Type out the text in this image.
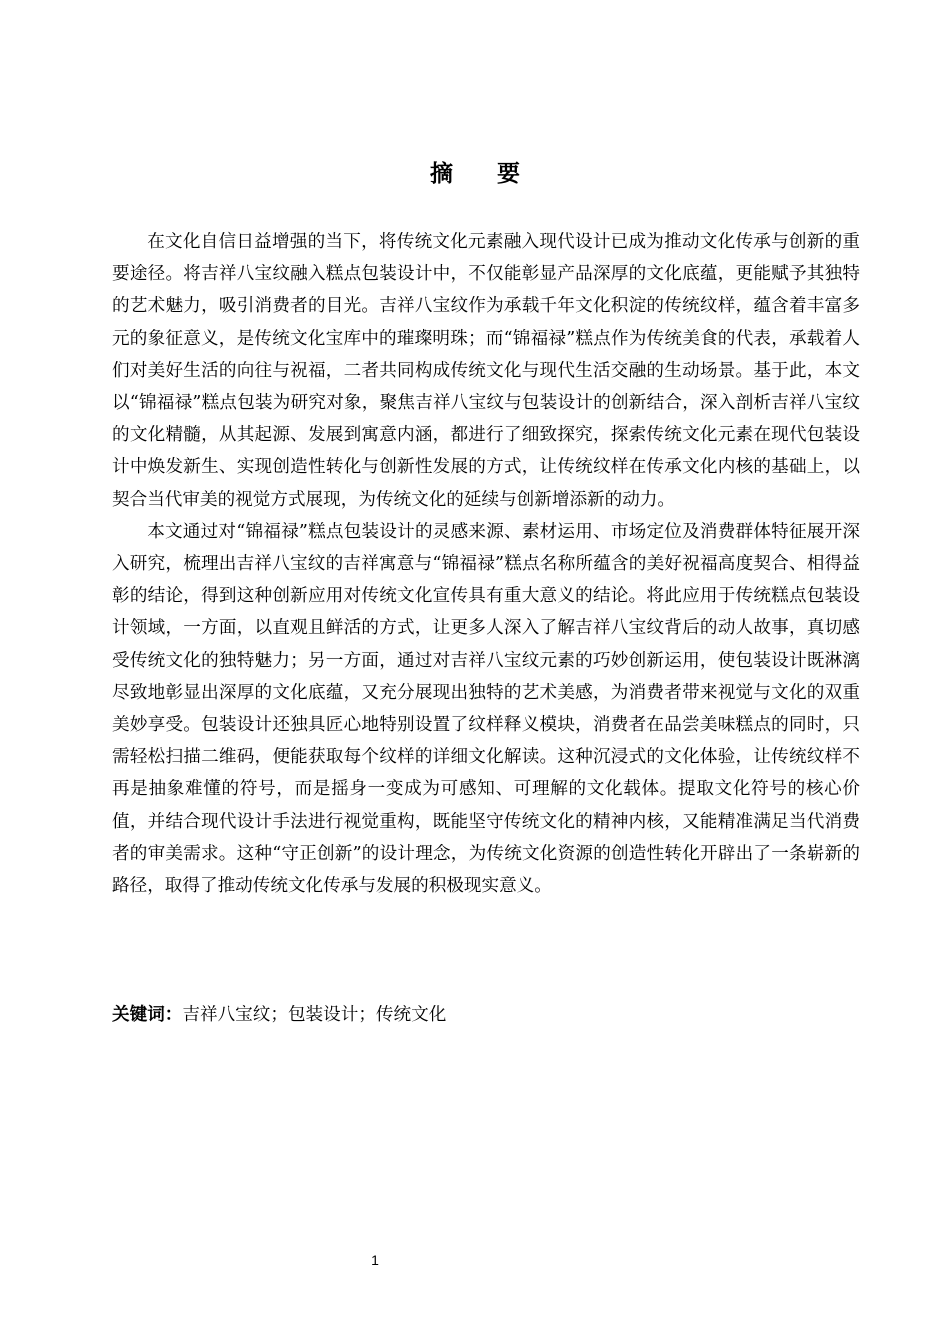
摘要

在文化自信日益增强的当下，将传统文化元素融入现代设计已成为推动文化传承与创新的重要途径。将吉祥八宝纹融入糕点包装设计中，不仅能彰显产品深厚的文化底蕴，更能赋予其独特的艺术魅力，吸引消费者的目光。吉祥八宝纹作为承载千年文化积淀的传统纹样，蕴含着丰富多元的象征意义，是传统文化宝库中的璀璨明珠；而“锦福禄”糕点作为传统美食的代表，承载着人们对美好生活的向往与祝福，二者共同构成传统文化与现代生活交融的生动场景。基于此，本文以“锦福禄”糕点包装为研究对象，聚焦吉祥八宝纹与包装设计的创新结合，深入剖析吉祥八宝纹的文化精髓，从其起源、发展到寓意内涵，都进行了细致探究，探索传统文化元素在现代包装设计中焕发新生、实现创造性转化与创新性发展的方式，让传统纹样在传承文化内核的基础上，以契合当代审美的视觉方式展现，为传统文化的延续与创新增添新的动力。

本文通过对“锦福禄”糕点包装设计的灵感来源、素材运用、市场定位及消费群体特征展开深入研究，梳理出吉祥八宝纹的吉祥寓意与“锦福禄”糕点名称所蕴含的美好祝福高度契合、相得益彰的结论，得到这种创新应用对传统文化宣传具有重大意义的结论。将此应用于传统糕点包装设计领域，一方面，以直观且鲜活的方式，让更多人深入了解吉祥八宝纹背后的动人故事，真切感受传统文化的独特魅力；另一方面，通过对吉祥八宝纹元素的巧妙创新运用，使包装设计既淋漓尽致地彰显出深厚的文化底蕴，又充分展现出独特的艺术美感，为消费者带来视觉与文化的双重美妙享受。包装设计还独具匠心地特别设置了纹样释义模块，消费者在品尝美味糕点的同时，只需轻松扫描二维码，便能获取每个纹样的详细文化解读。这种沉浸式的文化体验，让传统纹样不再是抽象难懂的符号，而是摇身一变成为可感知、可理解的文化载体。提取文化符号的核心价值，并结合现代设计手法进行视觉重构，既能坚守传统文化的精神内核，又能精准满足当代消费者的审美需求。这种“守正创新”的设计理念，为传统文化资源的创造性转化开辟出了一条崭新的路径，取得了推动传统文化传承与发展的积极现实意义。

关键词：吉祥八宝纹；包装设计；传统文化

1
